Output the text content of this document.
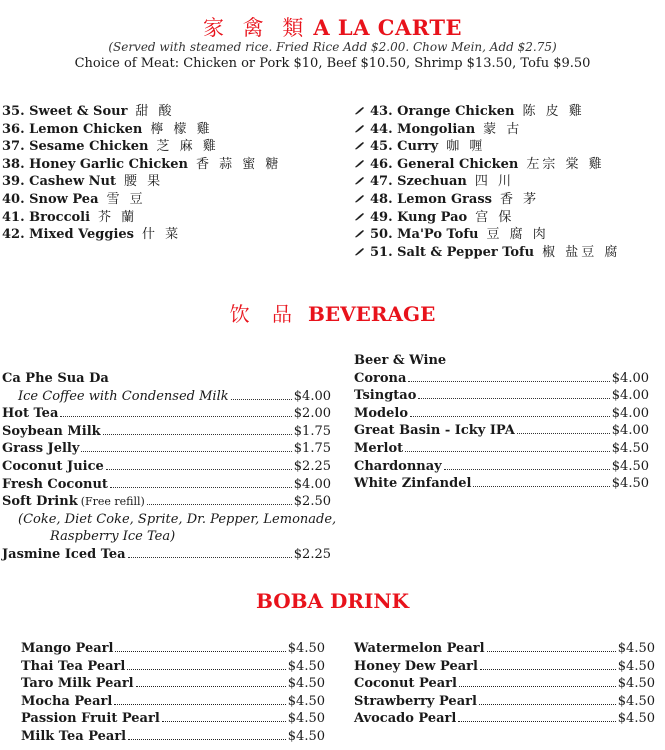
家 禽 類 A LA CARTE
(Served with steamed rice. Fried Rice Add $2.00. Chow Mein, Add $2.75)
Choice of Meat: Chicken or Pork $10, Beef $10.50, Shrimp $13.50, Tofu $9.50
35. Sweet & Sour 甜 酸
36. Lemon Chicken 檸 檬 雞
37. Sesame Chicken 芝 麻 雞
38. Honey Garlic Chicken 香 蒜 蜜 糖
39. Cashew Nut 腰 果
40. Snow Pea 雪 豆
41. Broccoli 芥 蘭
42. Mixed Veggies 什 菜
43. Orange Chicken 陈 皮 雞
44. Mongolian 蒙 古
45. Curry 咖 喱
46. General Chicken 左宗 棠 雞
47. Szechuan 四 川
48. Lemon Grass 香 茅
49. Kung Pao 宫 保
50. Ma'Po Tofu 豆 腐 肉
51. Salt & Pepper Tofu 椒 盐豆 腐
饮 品 BEVERAGE
Ca Phe Sua Da
Ice Coffee with Condensed Milk	$4.00
Hot Tea	$2.00
Soybean Milk	$1.75
Grass Jelly	$1.75
Coconut Juice	$2.25
Fresh Coconut	$4.00
Soft Drink (Free refill)	$2.50
(Coke, Diet Coke, Sprite, Dr. Pepper, Lemonade,
Raspberry Ice Tea)
Jasmine Iced Tea	$2.25
Beer & Wine
Corona	$4.00
Tsingtao	$4.00
Modelo	$4.00
Great Basin - Icky IPA	$4.00
Merlot	$4.50
Chardonnay	$4.50
White Zinfandel	$4.50
BOBA DRINK
Mango Pearl	$4.50
Thai Tea Pearl	$4.50
Taro Milk Pearl	$4.50
Mocha Pearl	$4.50
Passion Fruit Pearl	$4.50
Milk Tea Pearl	$4.50
Watermelon Pearl	$4.50
Honey Dew Pearl	$4.50
Coconut Pearl	$4.50
Strawberry Pearl	$4.50
Avocado Pearl	$4.50
